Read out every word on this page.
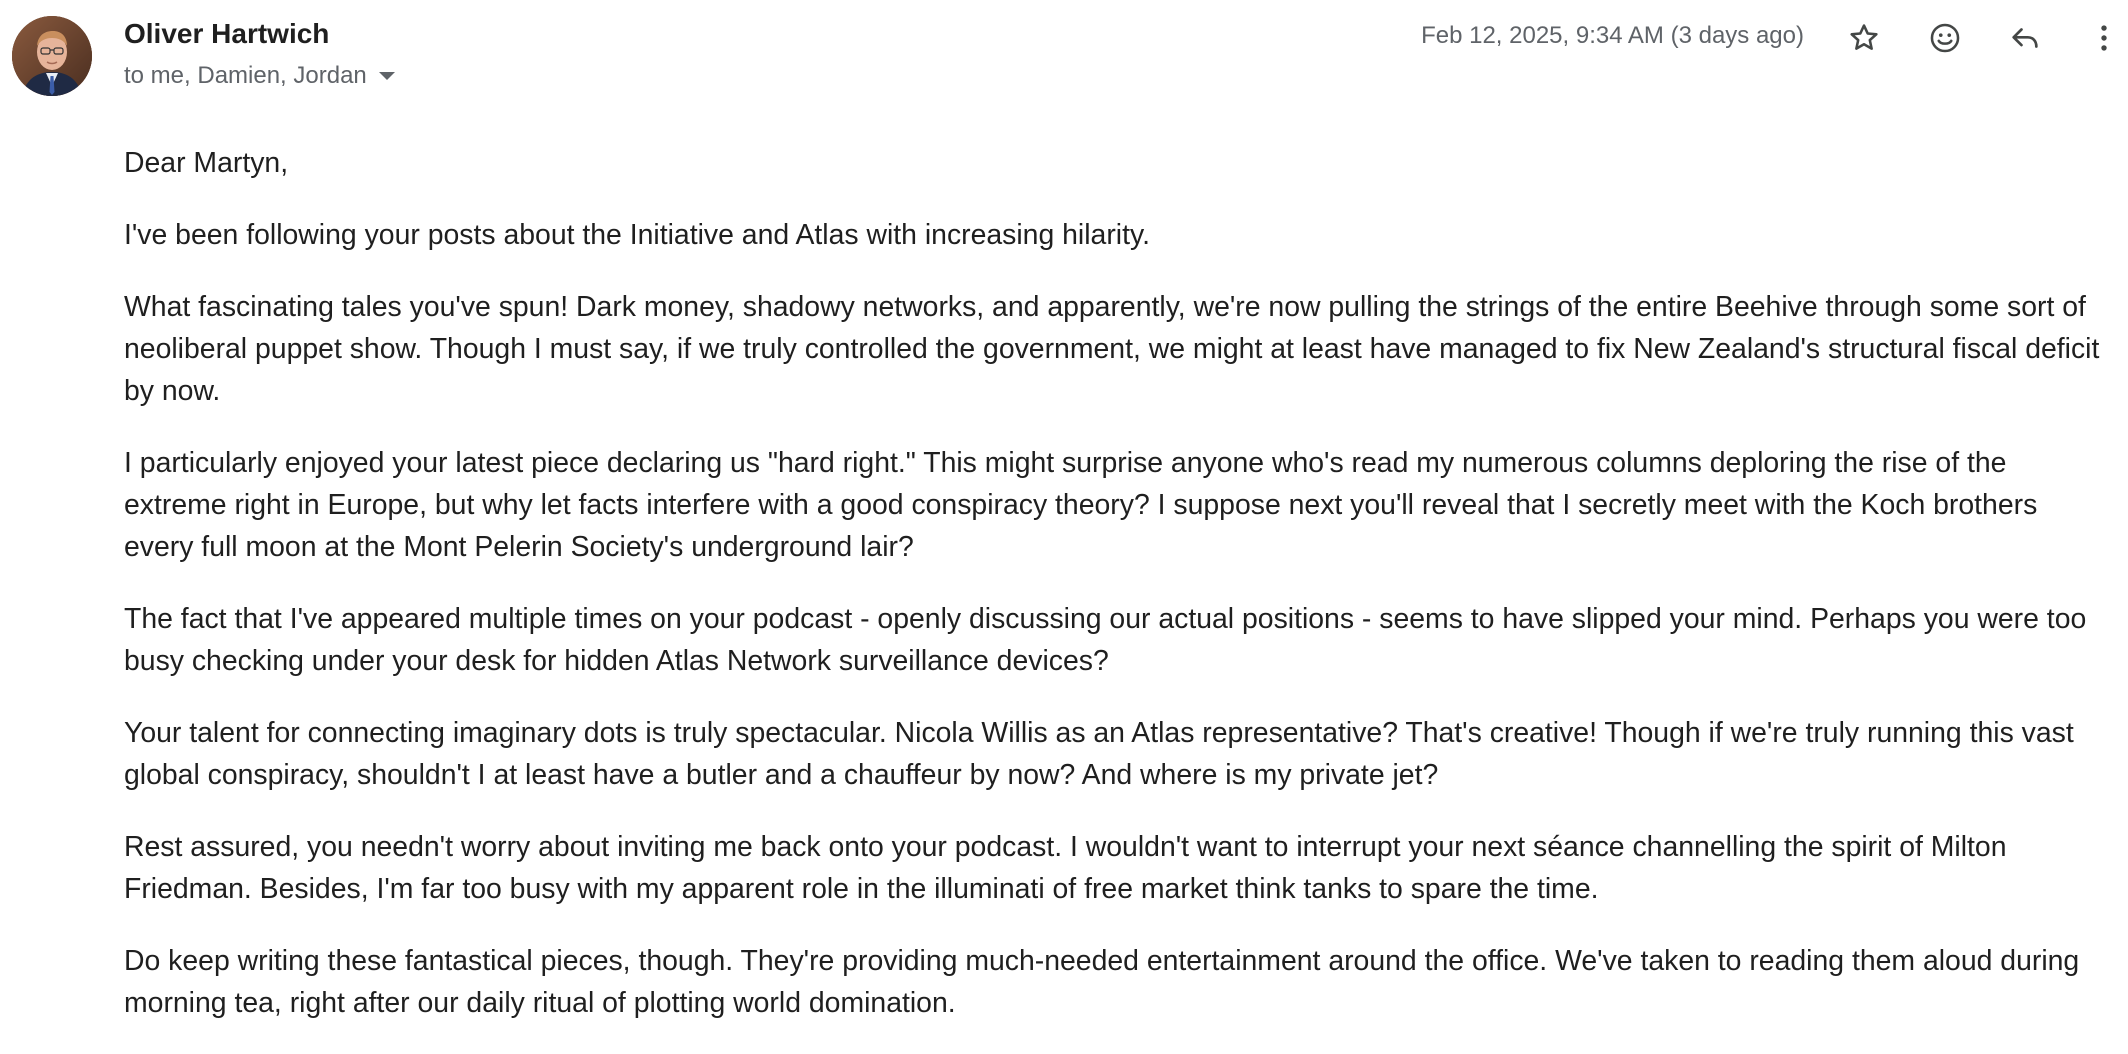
Oliver Hartwich
to me, Damien, Jordan
Feb 12, 2025, 9:34 AM (3 days ago)

Dear Martyn,

I've been following your posts about the Initiative and Atlas with increasing hilarity.

What fascinating tales you've spun! Dark money, shadowy networks, and apparently, we're now pulling the strings of the entire Beehive through some sort of neoliberal puppet show. Though I must say, if we truly controlled the government, we might at least have managed to fix New Zealand's structural fiscal deficit by now.

I particularly enjoyed your latest piece declaring us "hard right." This might surprise anyone who's read my numerous columns deploring the rise of the extreme right in Europe, but why let facts interfere with a good conspiracy theory? I suppose next you'll reveal that I secretly meet with the Koch brothers every full moon at the Mont Pelerin Society's underground lair?

The fact that I've appeared multiple times on your podcast - openly discussing our actual positions - seems to have slipped your mind. Perhaps you were too busy checking under your desk for hidden Atlas Network surveillance devices?

Your talent for connecting imaginary dots is truly spectacular. Nicola Willis as an Atlas representative? That's creative! Though if we're truly running this vast global conspiracy, shouldn't I at least have a butler and a chauffeur by now? And where is my private jet?

Rest assured, you needn't worry about inviting me back onto your podcast. I wouldn't want to interrupt your next séance channelling the spirit of Milton Friedman. Besides, I'm far too busy with my apparent role in the illuminati of free market think tanks to spare the time.

Do keep writing these fantastical pieces, though. They're providing much-needed entertainment around the office. We've taken to reading them aloud during morning tea, right after our daily ritual of plotting world domination.
